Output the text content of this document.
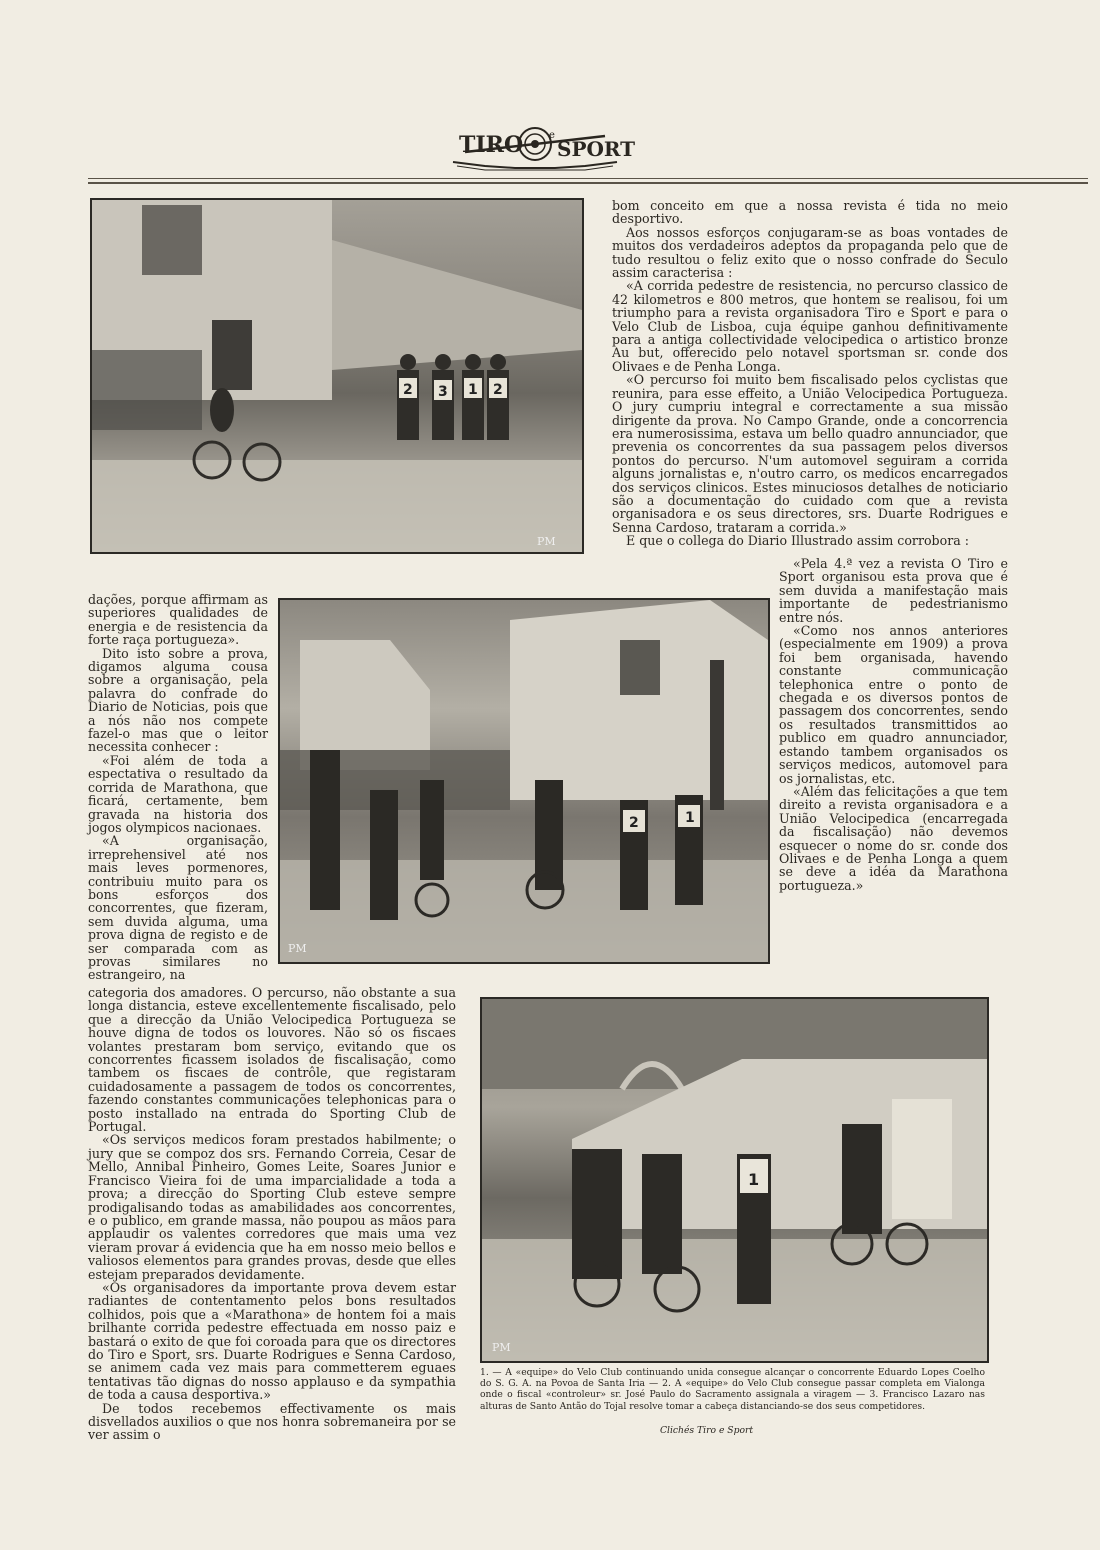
TIRO SPORT
e
2 3 1 2
PM

bom conceito em que a nossa revista é tida no meio desportivo.

Aos nossos esforços conjugaram-se as boas vontades de muitos dos verdadeiros adeptos da propaganda pelo que de tudo resultou o feliz exito que o nosso confrade do Seculo assim caracterisa :

«A corrida pedestre de resistencia, no percurso classico de 42 kilometros e 800 metros, que hontem se realisou, foi um triumpho para a revista organisadora Tiro e Sport e para o Velo Club de Lisboa, cuja équipe ganhou definitivamente para a antiga collectividade velocipedica o artistico bronze Au but, offerecido pelo notavel sportsman sr. conde dos Olivaes e de Penha Longa.

«O percurso foi muito bem fiscalisado pelos cyclistas que reunira, para esse effeito, a União Velocipedica Portugueza. O jury cumpriu integral e correctamente a sua missão dirigente da prova. No Campo Grande, onde a concorrencia era numerosissima, estava um bello quadro annunciador, que prevenia os concorrentes da sua passagem pelos diversos pontos do percurso. N'um automovel seguiram a corrida alguns jornalistas e, n'outro carro, os medicos encarregados dos serviços clinicos. Estes minuciosos detalhes de noticiario são a documentação do cuidado com que a revista organisadora e os seus directores, srs. Duarte Rodrigues e Senna Cardoso, trataram a corrida.»

E que o collega do Diario Illustrado assim corrobora :

dações, porque affirmam as superiores qualidades de energia e de resistencia da forte raça portugueza».

Dito isto sobre a prova, digamos alguma cousa sobre a organisação, pela palavra do confrade do Diario de Noticias, pois que a nós não nos compete fazel-o mas que o leitor necessita conhecer :

«Foi além de toda a espectativa o resultado da corrida de Marathona, que ficará, certamente, bem gravada na historia dos jogos olympicos nacionaes.

«A organisação, irreprehensivel até nos mais leves pormenores, contribuiu muito para os bons esforços dos concorrentes, que fizeram, sem duvida alguma, uma prova digna de registo e de ser comparada com as provas similares no estrangeiro, na

2	1
PM

«Pela 4.ª vez a revista O Tiro e Sport organisou esta prova que é sem duvida a manifestação mais importante de pedestrianismo entre nós.

«Como nos annos anteriores (especialmente em 1909) a prova foi bem organisada, havendo constante communicação telephonica entre o ponto de chegada e os diversos pontos de passagem dos concorrentes, sendo os resultados transmittidos ao publico em quadro annunciador, estando tambem organisados os serviços medicos, automovel para os jornalistas, etc.

«Além das felicitações a que tem direito a revista organisadora e a União Velocipedica (encarregada da fiscalisação) não devemos esquecer o nome do sr. conde dos Olivaes e de Penha Longa a quem se deve a idéa da Marathona portugueza.»

categoria dos amadores. O percurso, não obstante a sua longa distancia, esteve excellentemente fiscalisado, pelo que a direcção da União Velocipedica Portugueza se houve digna de todos os louvores. Não só os fiscaes volantes prestaram bom serviço, evitando que os concorrentes ficassem isolados de fiscalisação, como tambem os fiscaes de contrôle, que registaram cuidadosamente a passagem de todos os concorrentes, fazendo constantes communicações telephonicas para o posto installado na entrada do Sporting Club de Portugal.

«Os serviços medicos foram prestados habilmente; o jury que se compoz dos srs. Fernando Correia, Cesar de Mello, Annibal Pinheiro, Gomes Leite, Soares Junior e Francisco Vieira foi de uma imparcialidade a toda a prova; a direcção do Sporting Club esteve sempre prodigalisando todas as amabilidades aos concorrentes, e o publico, em grande massa, não poupou as mãos para applaudir os valentes corredores que mais uma vez vieram provar á evidencia que ha em nosso meio bellos e valiosos elementos para grandes provas, desde que elles estejam preparados devidamente.

«Os organisadores da importante prova devem estar radiantes de contentamento pelos bons resultados colhidos, pois que a «Marathona» de hontem foi a mais brilhante corrida pedestre effectuada em nosso paiz e bastará o exito de que foi coroada para que os directores do Tiro e Sport, srs. Duarte Rodrigues e Senna Cardoso, se animem cada vez mais para commetterem eguaes tentativas tão dignas do nosso applauso e da sympathia de toda a causa desportiva.»

De todos recebemos effectivamente os mais disvellados auxilios o que nos honra sobremaneira por se ver assim o

1
PM
1. — A «equipe» do Velo Club continuando unida consegue alcançar o concorrente Eduardo Lopes Coelho do S. G. A. na Povoa de Santa Iria — 2. A «equipe» do Velo Club consegue passar completa em Vialonga onde o fiscal «controleur» sr. José Paulo do Sacramento assignala a viragem — 3. Francisco Lazaro nas alturas de Santo Antão do Tojal resolve tomar a cabeça distanciando-se dos seus competidores.
Clichés Tiro e Sport
